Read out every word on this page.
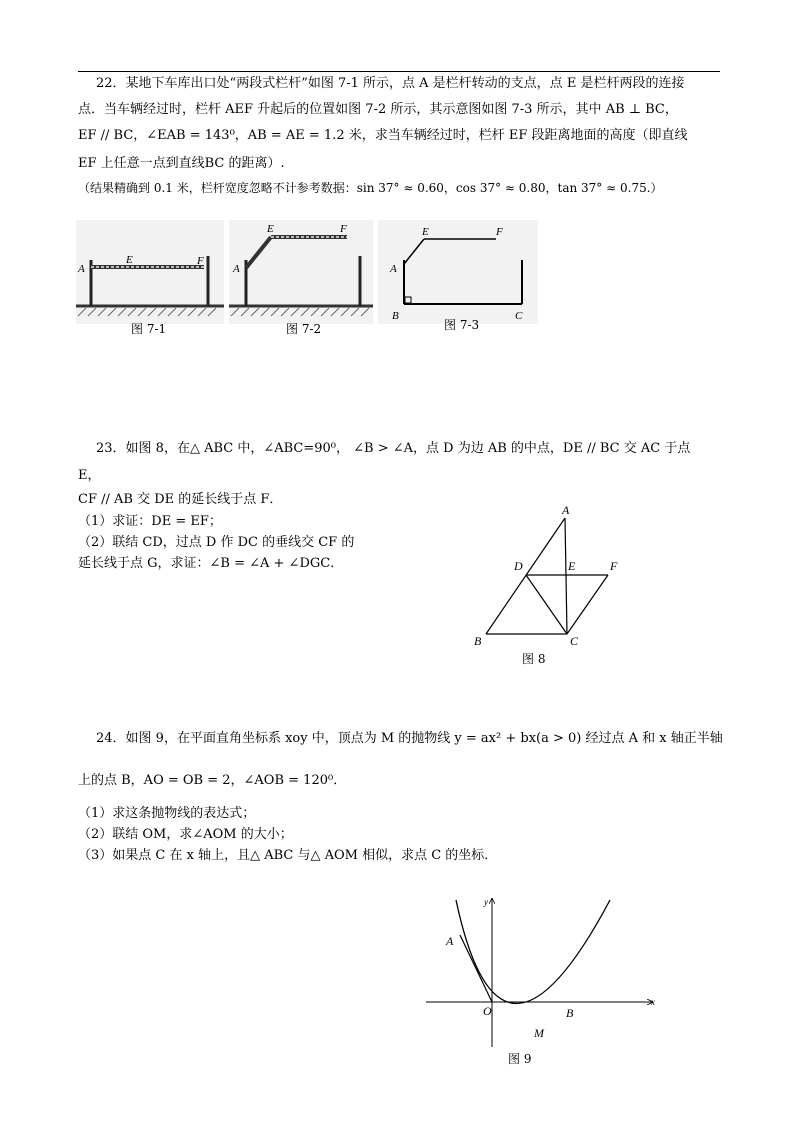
22．某地下车库出口处“两段式栏杆”如图 7-1 所示，点 A 是栏杆转动的支点，点 E 是栏杆两段的连接
点．当车辆经过时，栏杆 AEF 升起后的位置如图 7-2 所示，其示意图如图 7-3 所示，其中 AB ⊥ BC，
EF // BC，∠EAB = 143⁰，AB = AE = 1.2 米，求当车辆经过时，栏杆 EF 段距离地面的高度（即直线
EF 上任意一点到直线BC 的距离）.
（结果精确到 0.1 米，栏杆宽度忽略不计参考数据：sin 37° ≈ 0.60，cos 37° ≈ 0.80，tan 37° ≈ 0.75.）
A
E	F
图 7-1
A
E	F
图 7-2
A
E	F
B	C
图 7-3
23．如图 8，在△ ABC 中，∠ABC=90⁰， ∠B > ∠A，点 D 为边 AB 的中点，DE // BC 交 AC 于点
E，
CF // AB 交 DE 的延长线于点 F．
（1）求证：DE = EF；
（2）联结 CD，过点 D 作 DC 的垂线交 CF 的
延长线于点 G，求证：∠B = ∠A + ∠DGC．
A
D	E	F
B	C
图 8
24．如图 9，在平面直角坐标系 xoy 中，顶点为 M 的抛物线 y = ax² + bx(a > 0) 经过点 A 和 x 轴正半轴
上的点 B，AO = OB = 2，∠AOB = 120⁰．
（1）求这条抛物线的表达式；
（2）联结 OM，求∠AOM 的大小；
（3）如果点 C 在 x 轴上，且△ ABC 与△ AOM 相似，求点 C 的坐标．
x
y
A
O	B
M
图 9
